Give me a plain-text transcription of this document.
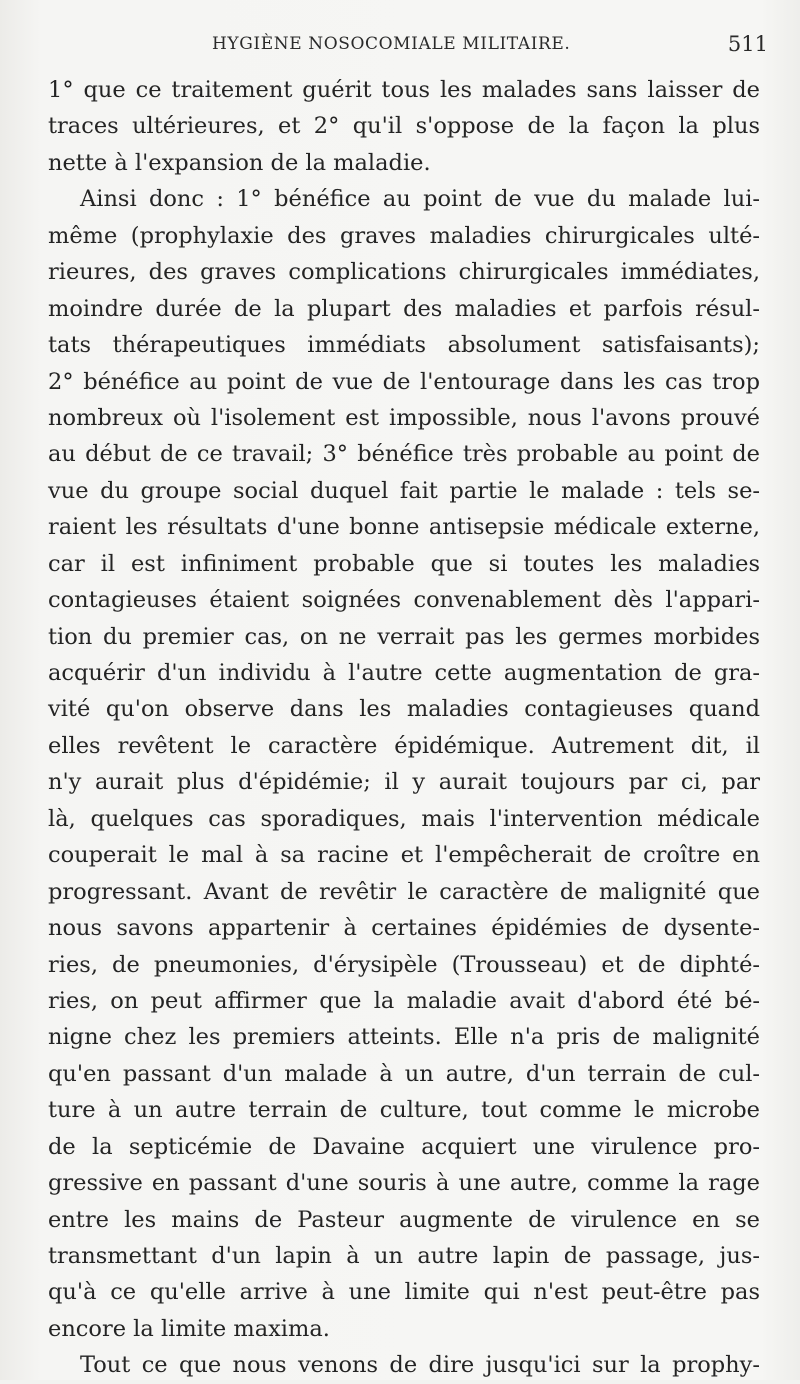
HYGIÈNE NOSOCOMIALE MILITAIRE.	511
1° que ce traitement guérit tous les malades sans laisser de
traces ultérieures, et 2° qu'il s'oppose de la façon la plus
nette à l'expansion de la maladie.
Ainsi donc : 1° bénéfice au point de vue du malade lui-
même (prophylaxie des graves maladies chirurgicales ulté-
rieures, des graves complications chirurgicales immédiates,
moindre durée de la plupart des maladies et parfois résul-
tats thérapeutiques immédiats absolument satisfaisants);
2° bénéfice au point de vue de l'entourage dans les cas trop
nombreux où l'isolement est impossible, nous l'avons prouvé
au début de ce travail; 3° bénéfice très probable au point de
vue du groupe social duquel fait partie le malade : tels se-
raient les résultats d'une bonne antisepsie médicale externe,
car il est infiniment probable que si toutes les maladies
contagieuses étaient soignées convenablement dès l'appari-
tion du premier cas, on ne verrait pas les germes morbides
acquérir d'un individu à l'autre cette augmentation de gra-
vité qu'on observe dans les maladies contagieuses quand
elles revêtent le caractère épidémique. Autrement dit, il
n'y aurait plus d'épidémie; il y aurait toujours par ci, par
là, quelques cas sporadiques, mais l'intervention médicale
couperait le mal à sa racine et l'empêcherait de croître en
progressant. Avant de revêtir le caractère de malignité que
nous savons appartenir à certaines épidémies de dysente-
ries, de pneumonies, d'érysipèle (Trousseau) et de diphté-
ries, on peut affirmer que la maladie avait d'abord été bé-
nigne chez les premiers atteints. Elle n'a pris de malignité
qu'en passant d'un malade à un autre, d'un terrain de cul-
ture à un autre terrain de culture, tout comme le microbe
de la septicémie de Davaine acquiert une virulence pro-
gressive en passant d'une souris à une autre, comme la rage
entre les mains de Pasteur augmente de virulence en se
transmettant d'un lapin à un autre lapin de passage, jus-
qu'à ce qu'elle arrive à une limite qui n'est peut-être pas
encore la limite maxima.
Tout ce que nous venons de dire jusqu'ici sur la prophy-
